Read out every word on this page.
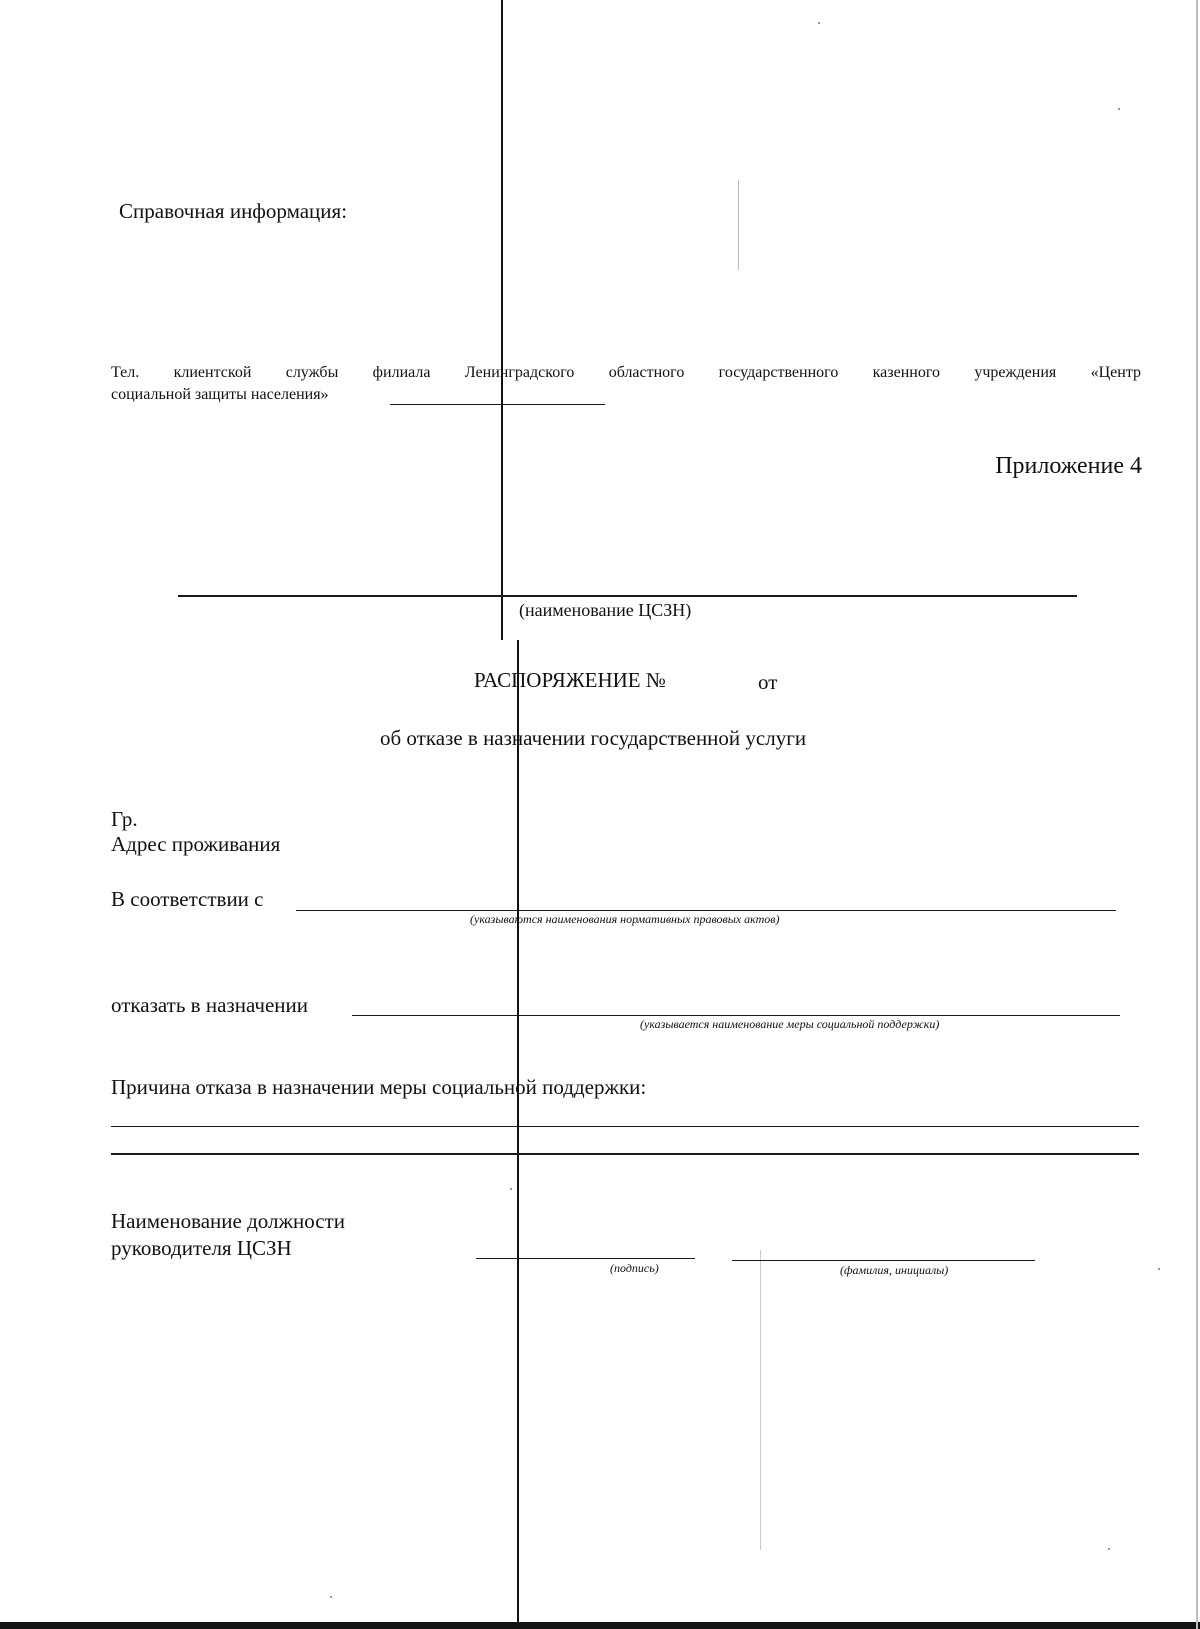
Справочная информация:
Тел. клиентской службы филиала Ленинградского областного государственного казенного учреждения «Центр
социальной защиты населения»
Приложение 4
(наименование ЦСЗН)
РАСПОРЯЖЕНИЕ №	от
об отказе в назначении государственной услуги
Гр.
Адрес проживания
В соответствии с
(указываются наименования нормативных правовых актов)
отказать в назначении
(указывается наименование меры социальной поддержки)
Причина отказа в назначении меры социальной поддержки:
Наименование должности
руководителя ЦСЗН
(подпись)	(фамилия, инициалы)
